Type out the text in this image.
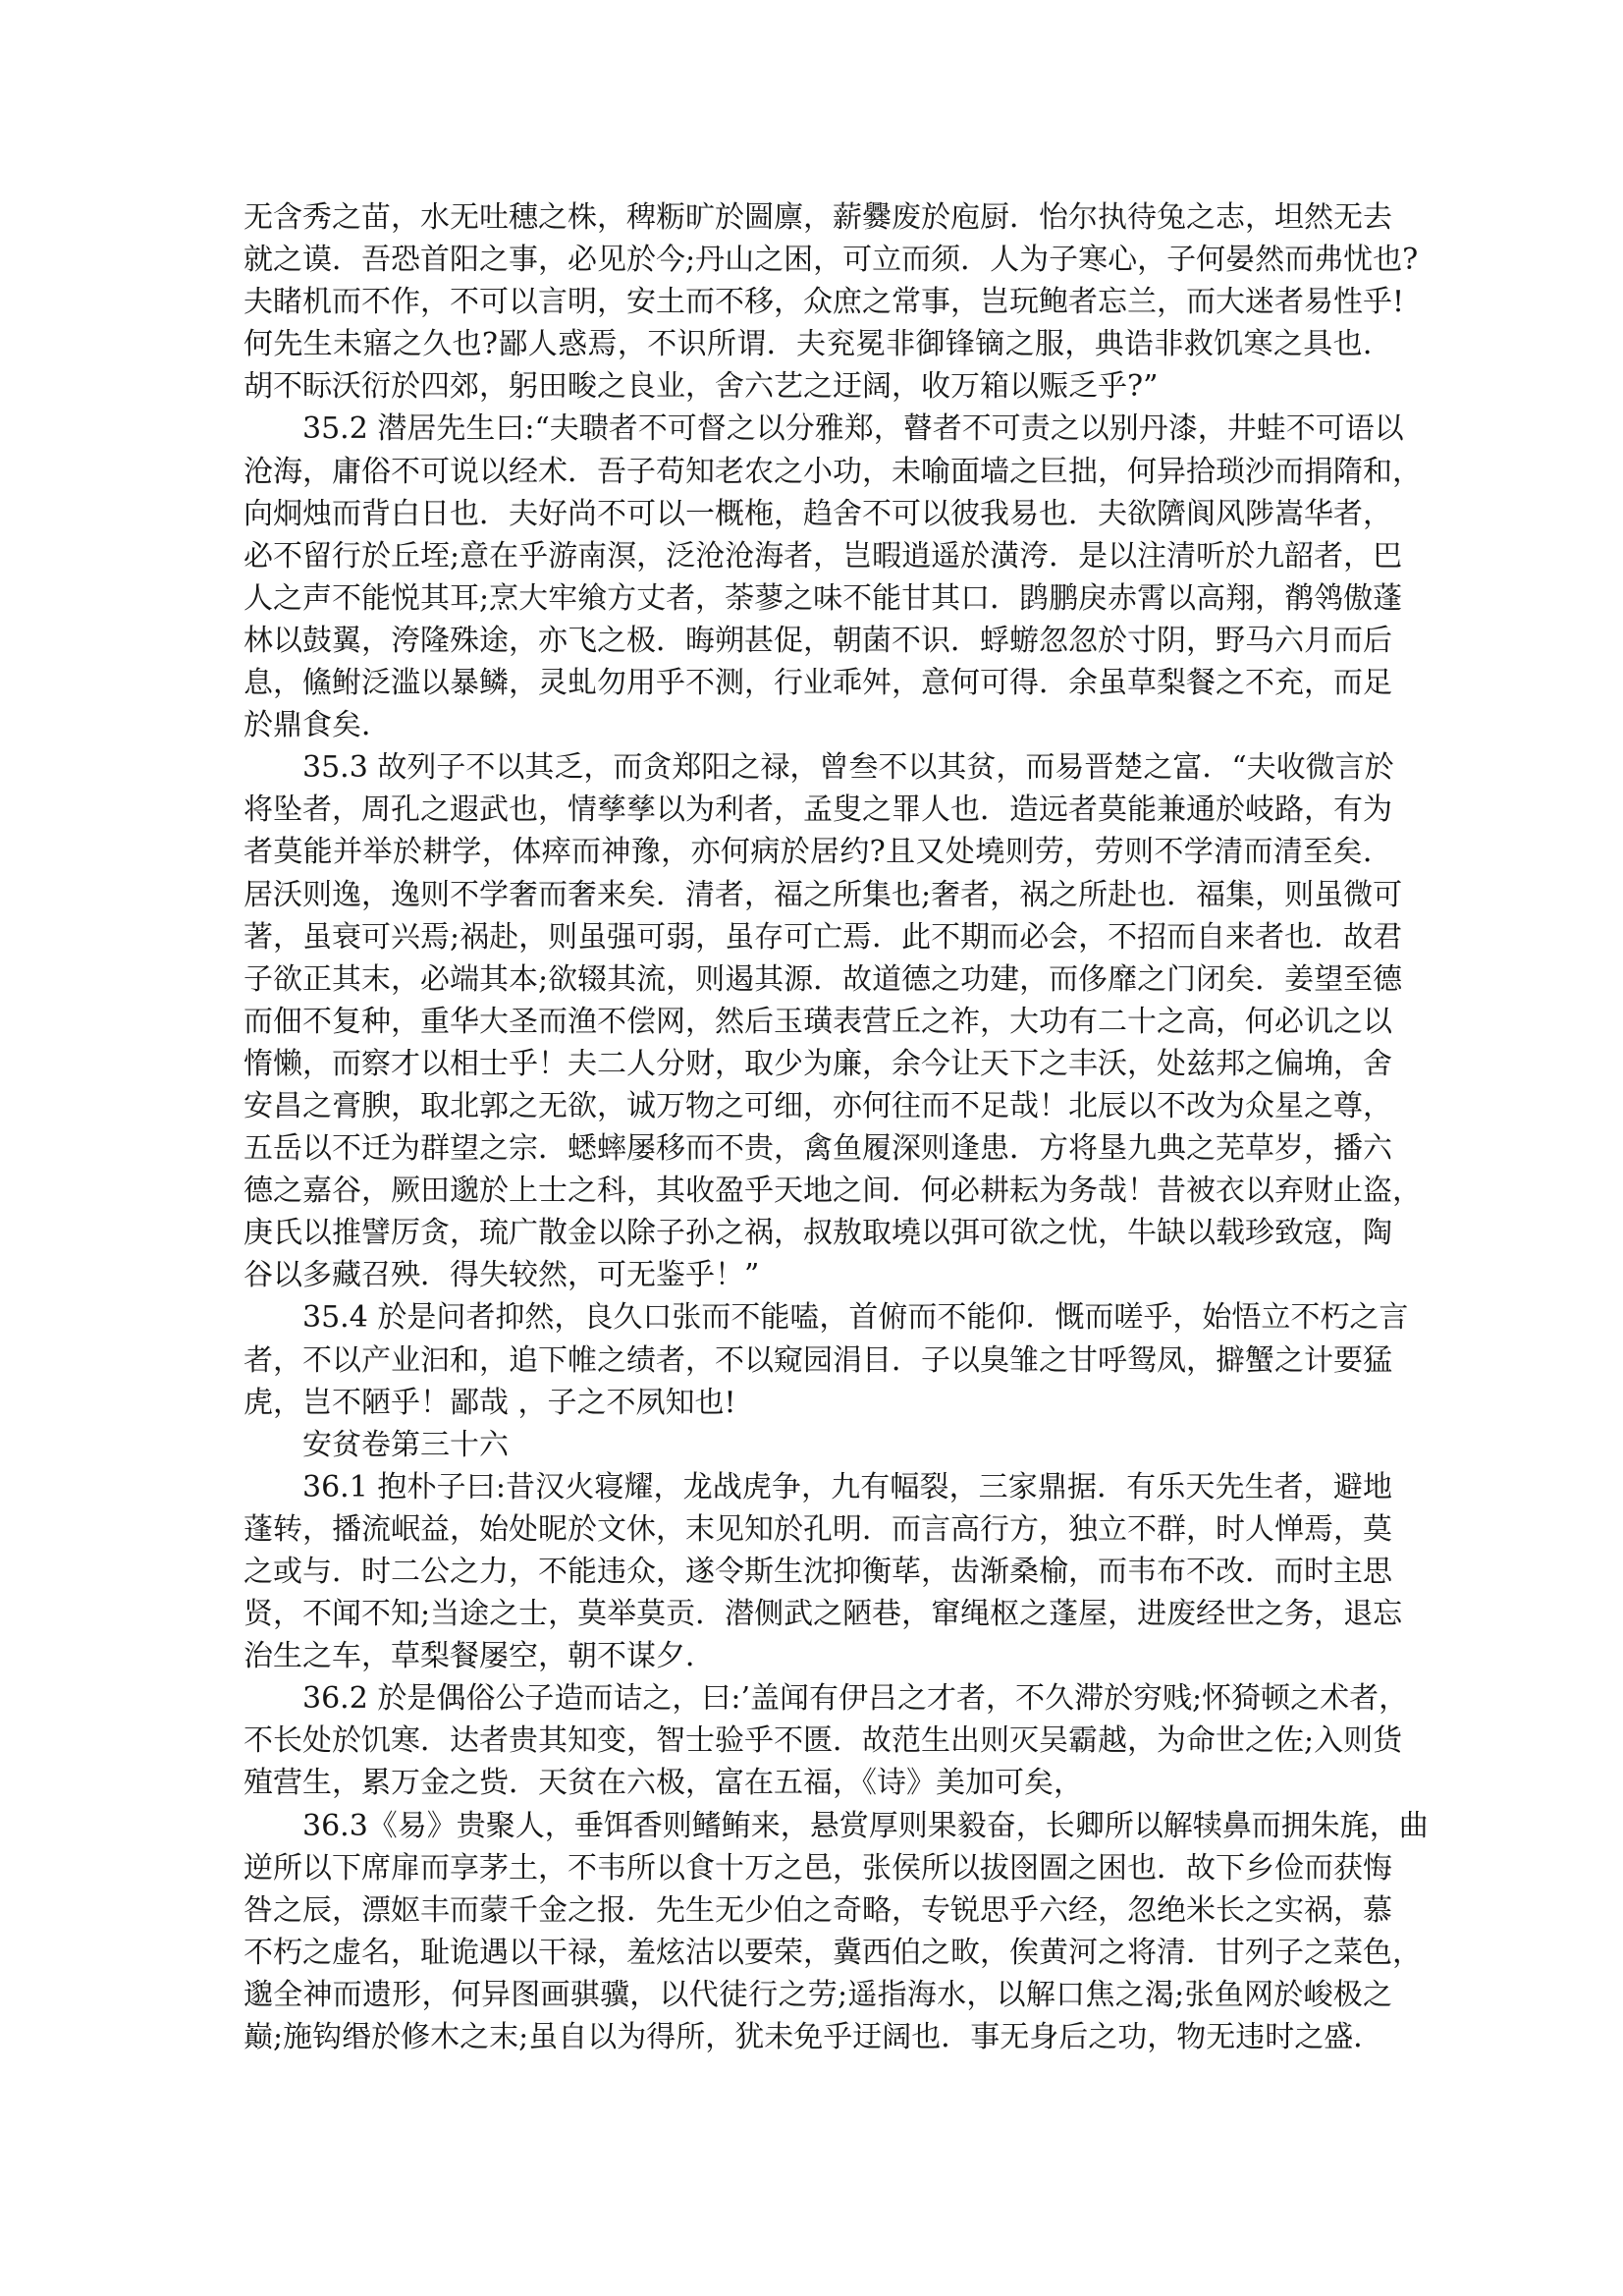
无含秀之苗，水无吐穗之株，稗粝旷於圌廪，薪爨废於庖厨．怡尔执待兔之志，坦然无去
就之谟．吾恐首阳之事，必见於今;丹山之困，可立而须．人为子寒心，子何晏然而弗忧也?
夫睹机而不作，不可以言明，安土而不移，众庶之常事，岂玩鲍者忘兰，而大迷者易性乎!
何先生未寤之久也?鄙人惑焉，不识所谓．夫兖冕非御锋镝之服，典诰非救饥寒之具也．
胡不眎沃衍於四郊，躬田畯之良业，舍六艺之迂阔，收万箱以赈乏乎?”
35.2 潜居先生曰:“夫聩者不可督之以分雅郑，瞽者不可责之以别丹漆，井蛙不可语以
沧海，庸俗不可说以经术．吾子苟知老农之小功，未喻面墙之巨拙，何异拾琐沙而捐隋和，
向炯烛而背白日也．夫好尚不可以一概柂，趋舍不可以彼我易也．夫欲隮阆风陟嵩华者，
必不留行於丘垤;意在乎游南溟，泛沧沧海者，岂暇逍遥於潢洿．是以注清听於九韶者，巴
人之声不能悦其耳;烹大牢飨方丈者，荼蓼之味不能甘其口．鹍鹏戾赤霄以高翔，鹡鸰傲蓬
林以鼓翼，洿隆殊途，亦飞之极．晦朔甚促，朝菌不识．蜉蝣忽忽於寸阴，野马六月而后
息，鯈鲋泛滥以暴鳞，灵虬勿用乎不测，行业乖舛，意何可得．余虽草梨餐之不充，而足
於鼎食矣．
35.3 故列子不以其乏，而贪郑阳之禄，曾叁不以其贫，而易晋楚之富．“夫收微言於
将坠者，周孔之遐武也，情孳孳以为利者，孟叟之罪人也．造远者莫能兼通於岐路，有为
者莫能并举於耕学，体瘁而神豫，亦何病於居约?且又处墝则劳，劳则不学清而清至矣．
居沃则逸，逸则不学奢而奢来矣．清者，福之所集也;奢者，祸之所赴也．福集，则虽微可
著，虽衰可兴焉;祸赴，则虽强可弱，虽存可亡焉．此不期而必会，不招而自来者也．故君
子欲正其末，必端其本;欲辍其流，则遏其源．故道德之功建，而侈靡之门闭矣．姜望至德
而佃不复种，重华大圣而渔不偿网，然后玉璜表营丘之祚，大功有二十之高，何必讥之以
惰懒，而察才以相士乎！夫二人分财，取少为廉，余今让天下之丰沃，处兹邦之偏埆，舍
安昌之膏腴，取北郭之无欲，诚万物之可细，亦何往而不足哉！北辰以不改为众星之尊，
五岳以不迁为群望之宗．蟋蟀屡移而不贵，禽鱼履深则逢患．方将垦九典之芜草岁，播六
德之嘉谷，厥田邈於上士之科，其收盈乎天地之间．何必耕耘为务哉！昔被衣以弃财止盗，
庚氏以推譬厉贪，琉广散金以除子孙之祸，叔敖取墝以弭可欲之忧，牛缺以载珍致寇，陶
谷以多藏召殃．得失较然，可无鉴乎！”
35.4 於是问者抑然，良久口张而不能嗑，首俯而不能仰．慨而嗟乎，始悟立不朽之言
者，不以产业汩和，追下帷之绩者，不以窥园涓目．子以臭雏之甘呼鸳凤，擗蟹之计要猛
虎，岂不陋乎！鄙哉 ，子之不夙知也!
安贫卷第三十六
36.1 抱朴子曰:昔汉火寝耀，龙战虎争，九有幅裂，三家鼎据．有乐天先生者，避地
蓬转，播流岷益，始处昵於文休，末见知於孔明．而言高行方，独立不群，时人惮焉，莫
之或与．时二公之力，不能违众，遂令斯生沈抑衡荜，齿渐桑榆，而韦布不改．而时主思
贤，不闻不知;当途之士，莫举莫贡．潜侧武之陋巷，窜绳枢之蓬屋，进废经世之务，退忘
治生之车，草梨餐屡空，朝不谋夕．
36.2 於是偶俗公子造而诘之，曰:’盖闻有伊吕之才者，不久滞於穷贱;怀猗顿之术者，
不长处於饥寒．达者贵其知变，智士验乎不匮．故范生出则灭吴霸越，为命世之佐;入则货
殖营生，累万金之赀．天贫在六极，富在五福，《诗》美加可矣，
36.3《易》贵聚人，垂饵香则鳍鲔来，悬赏厚则果毅奋，长卿所以解犊鼻而拥朱旄，曲
逆所以下席扉而享茅土，不韦所以食十万之邑，张侯所以拔囹圄之困也．故下乡俭而获悔
咎之辰，漂妪丰而蒙千金之报．先生无少伯之奇略，专锐思乎六经，忽绝米长之实祸，慕
不朽之虚名，耻诡遇以干禄，羞炫沽以要荣，冀西伯之畋，俟黄河之将清．甘列子之菜色，
邈全神而遗形，何异图画骐骥，以代徒行之劳;遥指海水，以解口焦之渴;张鱼网於峻极之
巅;施钩缗於修木之末;虽自以为得所，犹未免乎迂阔也．事无身后之功，物无违时之盛．
